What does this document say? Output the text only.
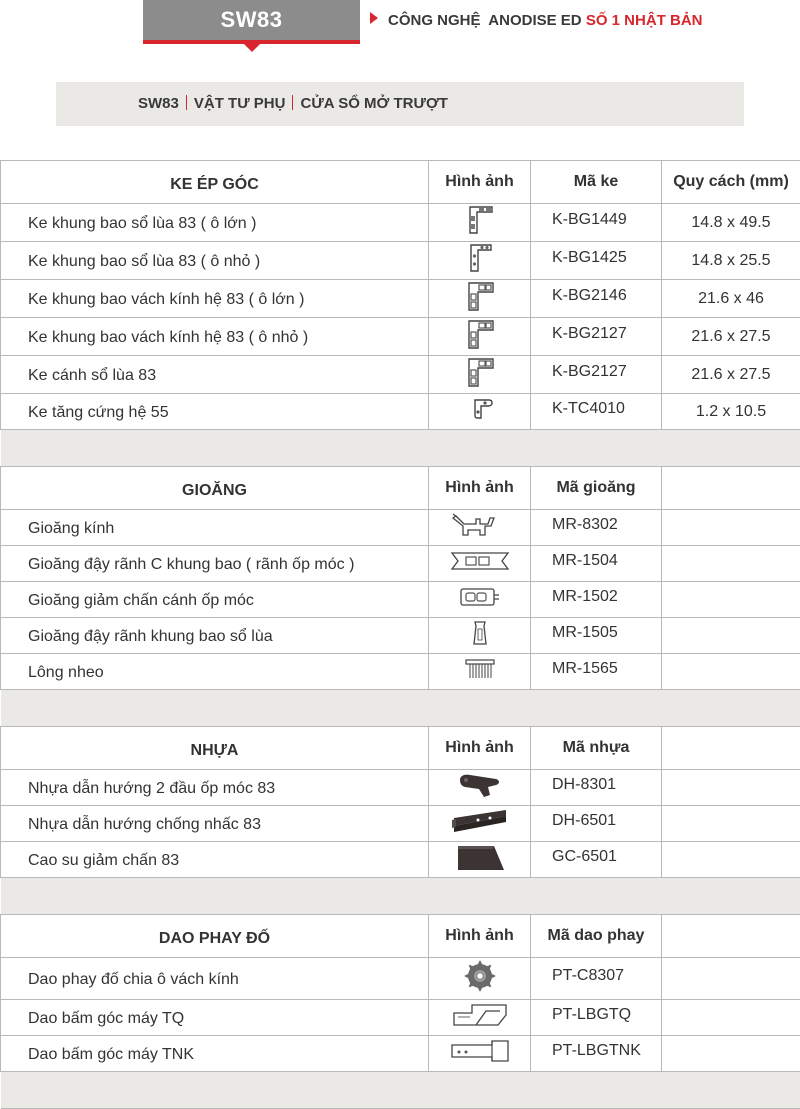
SW83	CÔNG NGHỆ  ANODISE ED SỐ 1 NHẬT BẢN
SW83 VẬT TƯ PHỤ CỬA SỔ MỞ TRƯỢT
KE ÉP GÓC	Hình ảnh	Mã ke	Quy cách (mm)
Ke khung bao sổ lùa 83 ( ô lớn )		K-BG1449	14.8 x 49.5
Ke khung bao sổ lùa 83 ( ô nhỏ )		K-BG1425	14.8 x 25.5
Ke khung bao vách kính hệ 83 ( ô lớn )		K-BG2146	21.6 x 46
Ke khung bao vách kính hệ 83 ( ô nhỏ )		K-BG2127	21.6 x 27.5
Ke cánh sổ lùa 83		K-BG2127	21.6 x 27.5
Ke tăng cứng hệ 55		K-TC4010	1.2 x 10.5

GIOĂNG	Hình ảnh	Mã gioăng	
Gioăng kính		MR-8302	
Gioăng đậy rãnh C khung bao ( rãnh ốp móc )		MR-1504	
Gioăng giảm chấn cánh ốp móc		MR-1502	
Gioăng đậy rãnh khung bao sổ lùa		MR-1505	
Lông nheo		MR-1565	

NHỰA	Hình ảnh	Mã nhựa	
Nhựa dẫn hướng 2 đầu ốp móc 83		DH-8301	
Nhựa dẫn hướng chống nhấc 83		DH-6501	
Cao su giảm chấn 83		GC-6501	

DAO PHAY ĐỐ	Hình ảnh	Mã dao phay	
Dao phay đố chia ô vách kính		PT-C8307	
Dao bấm góc máy TQ		PT-LBGTQ	
Dao bấm góc máy TNK		PT-LBGTNK	
